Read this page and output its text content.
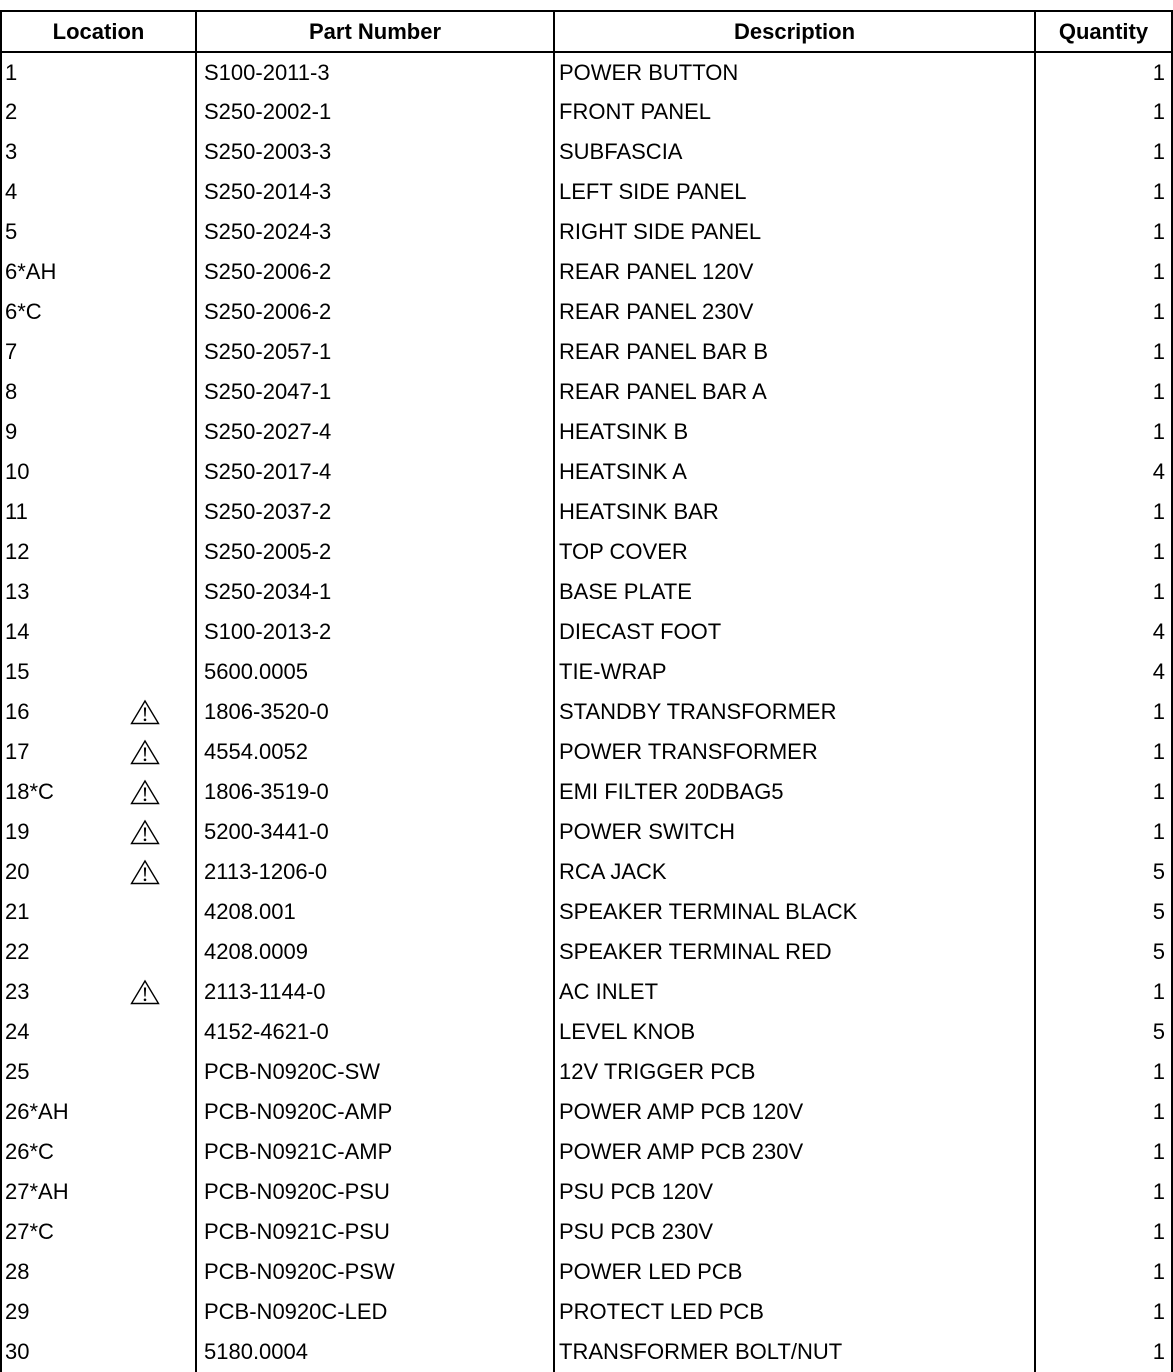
Location	Part Number	Description	Quantity
1	S100-2011-3	POWER BUTTON	1
2	S250-2002-1	FRONT PANEL	1
3	S250-2003-3	SUBFASCIA	1
4	S250-2014-3	LEFT SIDE PANEL	1
5	S250-2024-3	RIGHT SIDE PANEL	1
6*AH	S250-2006-2	REAR PANEL 120V	1
6*C	S250-2006-2	REAR PANEL 230V	1
7	S250-2057-1	REAR PANEL BAR B	1
8	S250-2047-1	REAR PANEL BAR A	1
9	S250-2027-4	HEATSINK B	1
10	S250-2017-4	HEATSINK A	4
11	S250-2037-2	HEATSINK BAR	1
12	S250-2005-2	TOP COVER	1
13	S250-2034-1	BASE PLATE	1
14	S100-2013-2	DIECAST FOOT	4
15	5600.0005	TIE-WRAP	4
16	1806-3520-0	STANDBY TRANSFORMER	1
17	4554.0052	POWER TRANSFORMER	1
18*C	1806-3519-0	EMI FILTER 20DBAG5	1
19	5200-3441-0	POWER SWITCH	1
20	2113-1206-0	RCA JACK	5
21	4208.001	SPEAKER TERMINAL BLACK	5
22	4208.0009	SPEAKER TERMINAL RED	5
23	2113-1144-0	AC INLET	1
24	4152-4621-0	LEVEL KNOB	5
25	PCB-N0920C-SW	12V TRIGGER PCB	1
26*AH	PCB-N0920C-AMP	POWER AMP PCB 120V	1
26*C	PCB-N0921C-AMP	POWER AMP PCB 230V	1
27*AH	PCB-N0920C-PSU	PSU PCB 120V	1
27*C	PCB-N0921C-PSU	PSU PCB 230V	1
28	PCB-N0920C-PSW	POWER LED PCB	1
29	PCB-N0920C-LED	PROTECT LED PCB	1
30	5180.0004	TRANSFORMER BOLT/NUT	1
